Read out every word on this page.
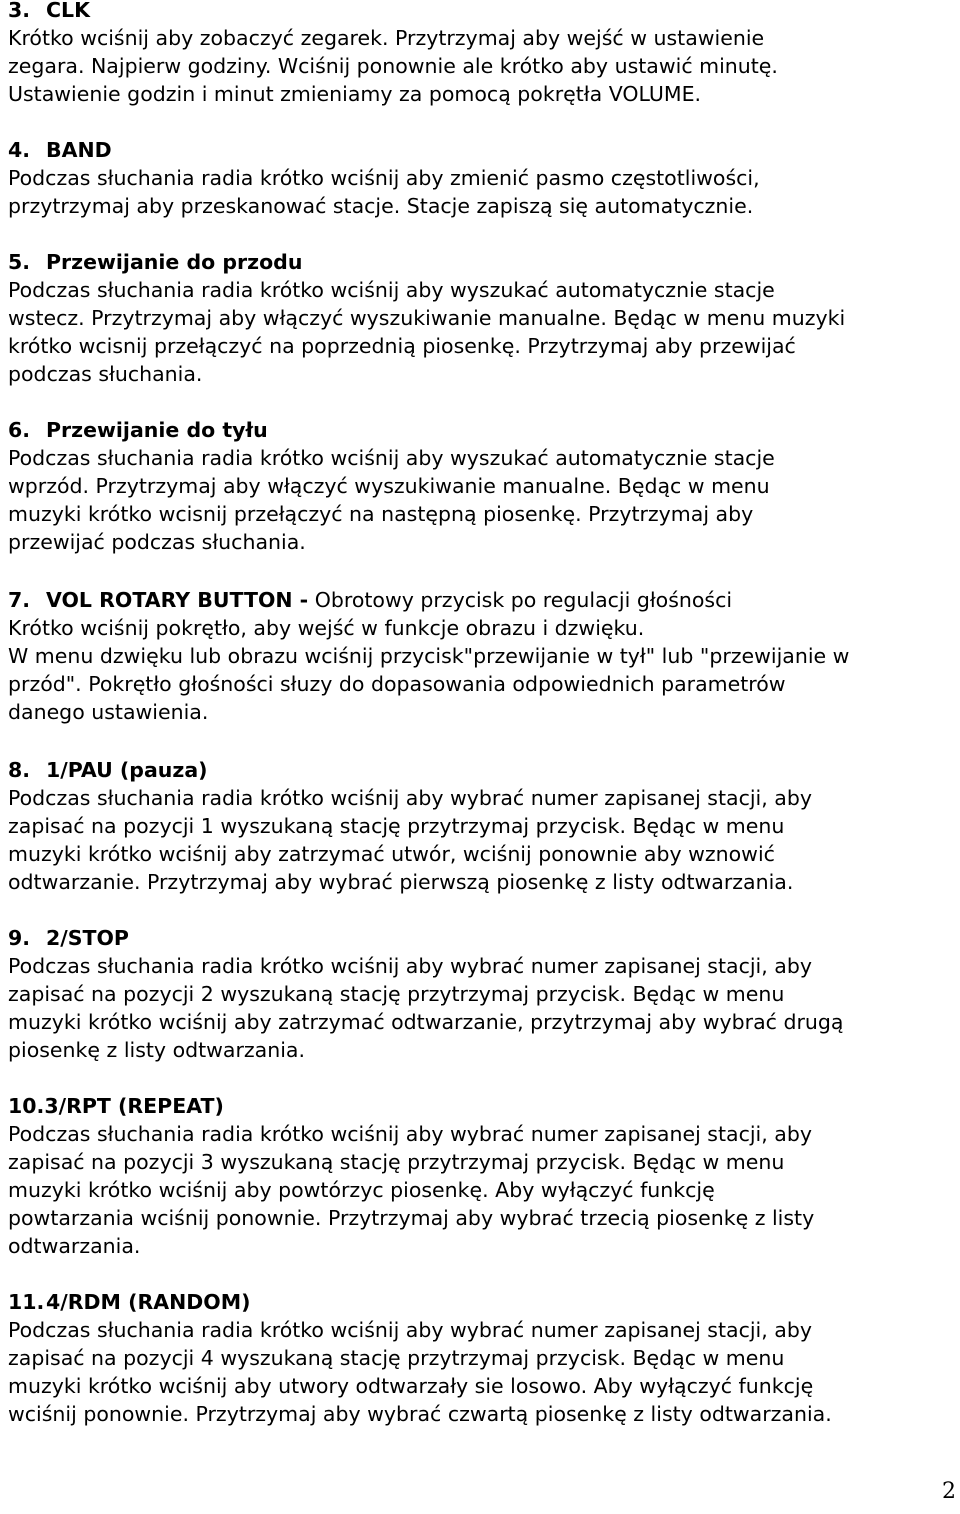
3. CLK
Krótko wciśnij aby zobaczyć zegarek. Przytrzymaj aby wejść w ustawienie
zegara. Najpierw godziny. Wciśnij ponownie ale krótko aby ustawić minutę.
Ustawienie godzin i minut zmieniamy za pomocą pokrętła VOLUME.
4. BAND
Podczas słuchania radia krótko wciśnij aby zmienić pasmo częstotliwości,
przytrzymaj aby przeskanować stacje. Stacje zapiszą się automatycznie.
5. Przewijanie do przodu
Podczas słuchania radia krótko wciśnij aby wyszukać automatycznie stacje
wstecz. Przytrzymaj aby włączyć wyszukiwanie manualne. Będąc w menu muzyki
krótko wcisnij przełączyć na poprzednią piosenkę. Przytrzymaj aby przewijać
podczas słuchania.
6. Przewijanie do tyłu
Podczas słuchania radia krótko wciśnij aby wyszukać automatycznie stacje
wprzód. Przytrzymaj aby włączyć wyszukiwanie manualne. Będąc w menu
muzyki krótko wcisnij przełączyć na następną piosenkę. Przytrzymaj aby
przewijać podczas słuchania.
7. VOL ROTARY BUTTON - Obrotowy przycisk po regulacji głośności
Krótko wciśnij pokrętło, aby wejść w funkcje obrazu i dzwięku.
W menu dzwięku lub obrazu wciśnij przycisk"przewijanie w tył" lub "przewijanie w
przód". Pokrętło głośności słuzy do dopasowania odpowiednich parametrów
danego ustawienia.
8. 1/PAU (pauza)
Podczas słuchania radia krótko wciśnij aby wybrać numer zapisanej stacji, aby
zapisać na pozycji 1 wyszukaną stację przytrzymaj przycisk. Będąc w menu
muzyki krótko wciśnij aby zatrzymać utwór, wciśnij ponownie aby wznowić
odtwarzanie. Przytrzymaj aby wybrać pierwszą piosenkę z listy odtwarzania.
9. 2/STOP
Podczas słuchania radia krótko wciśnij aby wybrać numer zapisanej stacji, aby
zapisać na pozycji 2 wyszukaną stację przytrzymaj przycisk. Będąc w menu
muzyki krótko wciśnij aby zatrzymać odtwarzanie, przytrzymaj aby wybrać drugą
piosenkę z listy odtwarzania.
10.3/RPT (REPEAT)
Podczas słuchania radia krótko wciśnij aby wybrać numer zapisanej stacji, aby
zapisać na pozycji 3 wyszukaną stację przytrzymaj przycisk. Będąc w menu
muzyki krótko wciśnij aby powtórzyc piosenkę. Aby wyłączyć funkcję
powtarzania wciśnij ponownie. Przytrzymaj aby wybrać trzecią piosenkę z listy
odtwarzania.
11.4/RDM (RANDOM)
Podczas słuchania radia krótko wciśnij aby wybrać numer zapisanej stacji, aby
zapisać na pozycji 4 wyszukaną stację przytrzymaj przycisk. Będąc w menu
muzyki krótko wciśnij aby utwory odtwarzały sie losowo. Aby wyłączyć funkcję
wciśnij ponownie. Przytrzymaj aby wybrać czwartą piosenkę z listy odtwarzania.
2
